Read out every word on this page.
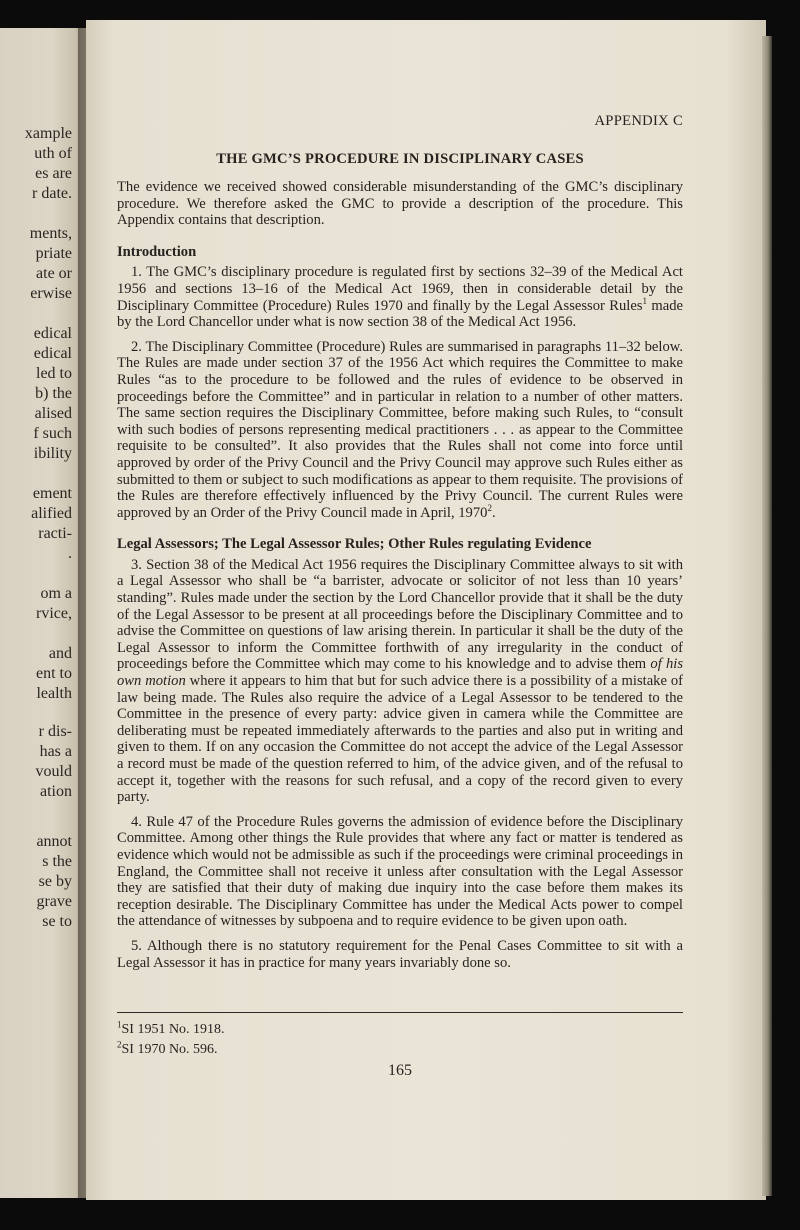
xample
uth of
es are
r date.
ments,
priate
ate or
erwise
edical
edical
led to
b) the
alised
f such
ibility
ement
alified
racti-
.
om a
rvice,
and
ent to
lealth
r dis-
has a
vould
ation
annot
s the
se by
grave
se to
APPENDIX C
THE GMC’S PROCEDURE IN DISCIPLINARY CASES

The evidence we received showed considerable misunderstanding of the GMC’s disciplinary procedure. We therefore asked the GMC to provide a description of the procedure. This Appendix contains that description.

Introduction

1. The GMC’s disciplinary procedure is regulated first by sections 32–39 of the Medical Act 1956 and sections 13–16 of the Medical Act 1969, then in considerable detail by the Disciplinary Committee (Procedure) Rules 1970 and finally by the Legal Assessor Rules$^1$ made by the Lord Chancellor under what is now section 38 of the Medical Act 1956.

2. The Disciplinary Committee (Procedure) Rules are summarised in paragraphs 11–32 below. The Rules are made under section 37 of the 1956 Act which requires the Committee to make Rules “as to the procedure to be followed and the rules of evidence to be observed in proceedings before the Committee” and in particular in relation to a number of other matters. The same section requires the Disciplinary Committee, before making such Rules, to “consult with such bodies of persons representing medical practitioners . . . as appear to the Committee requisite to be consulted”. It also provides that the Rules shall not come into force until approved by order of the Privy Council and the Privy Council may approve such Rules either as submitted to them or subject to such modifications as appear to them requisite. The provisions of the Rules are therefore effectively influenced by the Privy Council. The current Rules were approved by an Order of the Privy Council made in April, 1970$^2$.

Legal Assessors; The Legal Assessor Rules; Other Rules regulating Evidence

3. Section 38 of the Medical Act 1956 requires the Disciplinary Committee always to sit with a Legal Assessor who shall be “a barrister, advocate or solicitor of not less than 10 years’ standing”. Rules made under the section by the Lord Chancellor provide that it shall be the duty of the Legal Assessor to be present at all proceedings before the Disciplinary Committee and to advise the Committee on questions of law arising therein. In particular it shall be the duty of the Legal Assessor to inform the Committee forthwith of any irregularity in the conduct of proceedings before the Committee which may come to his knowledge and to advise them of his own motion where it appears to him that but for such advice there is a possibility of a mistake of law being made. The Rules also require the advice of a Legal Assessor to be tendered to the Committee in the presence of every party: advice given in camera while the Committee are deliberating must be repeated immediately afterwards to the parties and also put in writing and given to them. If on any occasion the Committee do not accept the advice of the Legal Assessor a record must be made of the question referred to him, of the advice given, and of the refusal to accept it, together with the reasons for such refusal, and a copy of the record given to every party.

4. Rule 47 of the Procedure Rules governs the admission of evidence before the Disciplinary Committee. Among other things the Rule provides that where any fact or matter is tendered as evidence which would not be admissible as such if the proceedings were criminal proceedings in England, the Committee shall not receive it unless after consultation with the Legal Assessor they are satisfied that their duty of making due inquiry into the case before them makes its reception desirable. The Disciplinary Committee has under the Medical Acts power to compel the attendance of witnesses by subpoena and to require evidence to be given upon oath.

5. Although there is no statutory requirement for the Penal Cases Committee to sit with a Legal Assessor it has in practice for many years invariably done so.

$^1$SI 1951 No. 1918.
$^2$SI 1970 No. 596.
165
